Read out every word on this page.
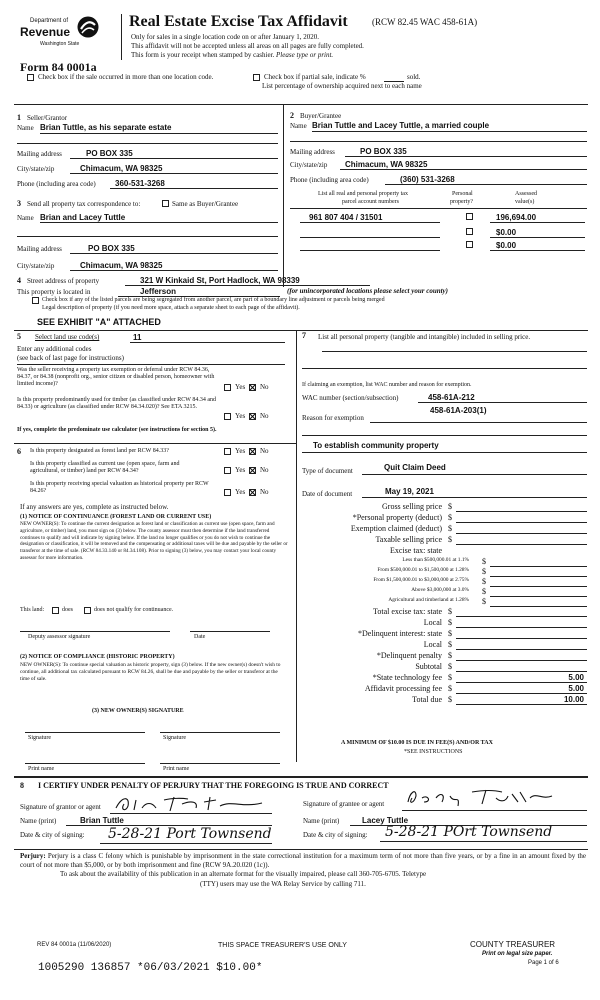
Department of
Revenue
Washington State
Real Estate Excise Tax Affidavit	(RCW 82.45 WAC 458-61A)
Only for sales in a single location code on or after January 1, 2020.
This affidavit will not be accepted unless all areas on all pages are fully completed.
This form is your receipt when stamped by cashier. Please type or print.
Form 84 0001a
Check box if the sale occurred in more than one location code.	Check box if partial sale, indicate %	sold.
List percentage of ownership acquired next to each name
1 Seller/Grantor
Name Brian Tuttle, as his separate estate
Mailing address	PO BOX 335
City/state/zip	Chimacum, WA 98325
Phone (including area code) 360-531-3268
2 Buyer/Grantee
Name Brian Tuttle and Lacey Tuttle, a married couple
Mailing address	PO BOX 335
City/state/zip Chimacum, WA 98325
Phone (including area code)	(360) 531-3268
3 Send all property tax correspondence to:	Same as Buyer/Grantee
Name Brian and Lacey Tuttle
Mailing address	PO BOX 335
City/state/zip	Chimacum, WA 98325
List all real and personal property tax
parcel account numbers
Personal
property?
Assessed
value(s)
961 807 404 / 31501	196,694.00
$0.00
$0.00
4 Street address of property	321 W Kinkaid St, Port Hadlock, WA 98339
This property is located in	Jefferson	(for unincorporated locations please select your county)
Check box if any of the listed parcels are being segregated from another parcel, are part of a boundary line adjustment or parcels being merged
Legal description of property (if you need more space, attach a separate sheet to each page of the affidavit).
SEE EXHIBIT "A" ATTACHED
5 Select land use code(s)	11
Enter any additional codes
(see back of last page for instructions)
Was the seller receiving a property tax exemption or deferral under RCW 84.36, 84.37, or 84.38 (nonprofit org., senior citizen or disabled person, homeowner with limited income)?	Yes No
Is this property predominantly used for timber (as classified under RCW 84.34 and 84.33) or agriculture (as classified under RCW 84.34.020)? See ETA 3215.
Yes No
If yes, complete the predominate use calculator (see instructions for section 5).
6 Is this property designated as forest land per RCW 84.33?	Yes No
Is this property classified as current use (open space, farm and agricultural, or timber) land per RCW 84.34?	Yes No
Is this property receiving special valuation as historical property per RCW 84.26?	Yes No
If any answers are yes, complete as instructed below.
(1) NOTICE OF CONTINUANCE (FOREST LAND OR CURRENT USE)
NEW OWNER(S): To continue the current designation as forest land or classification as current use (open space, farm and agriculture, or timber) land, you must sign on (3) below. The county assessor must then determine if the land transferred continues to qualify and will indicate by signing below. If the land no longer qualifies or you do not wish to continue the designation or classification, it will be removed and the compensating or additional taxes will be due and payable by the seller or transferor at the time of sale. (RCW 84.33.140 or 84.34.108). Prior to signing (3) below, you may contact your local county assessor for more information.
This land:	does	does not qualify for continuance.
Deputy assessor signature	Date
(2) NOTICE OF COMPLIANCE (HISTORIC PROPERTY)
NEW OWNER(S): To continue special valuation as historic property, sign (3) below. If the new owner(s) doesn't wish to continue, all additional tax calculated pursuant to RCW 84.26, shall be due and payable by the seller or transferor at the time of sale.
(3) NEW OWNER(S) SIGNATURE
Signature	Signature
Print name	Print name
7	List all personal property (tangible and intangible) included in selling price.
If claiming an exemption, list WAC number and reason for exemption.
WAC number (section/subsection)	458-61A-212
458-61A-203(1)
Reason for exemption
To establish community property
Type of document	Quit Claim Deed
Date of document	May 19, 2021
Gross selling price $
*Personal property (deduct) $
Exemption claimed (deduct) $
Taxable selling price $
Excise tax: state
Less than $500,000.01 at 1.1% $
From $500,000.01 to $1,500,000 at 1.28% $
From $1,500,000.01 to $3,000,000 at 2.75% $
Above $3,000,000 at 3.0% $
Agricultural and timberland at 1.28% $
Total excise tax: state $
Local $
*Delinquent interest: state $
Local $
*Delinquent penalty $
Subtotal $
*State technology fee $	5.00
Affidavit processing fee $	5.00
Total due $	10.00
A MINIMUM OF $10.00 IS DUE IN FEE(S) AND/OR TAX
*SEE INSTRUCTIONS
8 I CERTIFY UNDER PENALTY OF PERJURY THAT THE FOREGOING IS TRUE AND CORRECT
Signature of grantor or agent
Name (print)	Brian Tuttle
Date & city of signing: 5-28-21 Port Townsend
Signature of grantee or agent
Name (print)	Lacey Tuttle
Date & city of signing: 5-28-21 POrt Townsend
Perjury: Perjury is a class C felony which is punishable by imprisonment in the state correctional institution for a maximum term of not more than five years, or by a fine in an amount fixed by the court of not more than $5,000, or by both imprisonment and fine (RCW 9A.20.020 (1c)).
To ask about the availability of this publication in an alternate format for the visually impaired, please call 360-705-6705. Teletype
(TTY) users may use the WA Relay Service by calling 711.
REV 84 0001a (11/06/2020)	THIS SPACE TREASURER'S USE ONLY	COUNTY TREASURER
Print on legal size paper.
Page 1 of 6
1005290 136857 *06/03/2021 $10.00*
